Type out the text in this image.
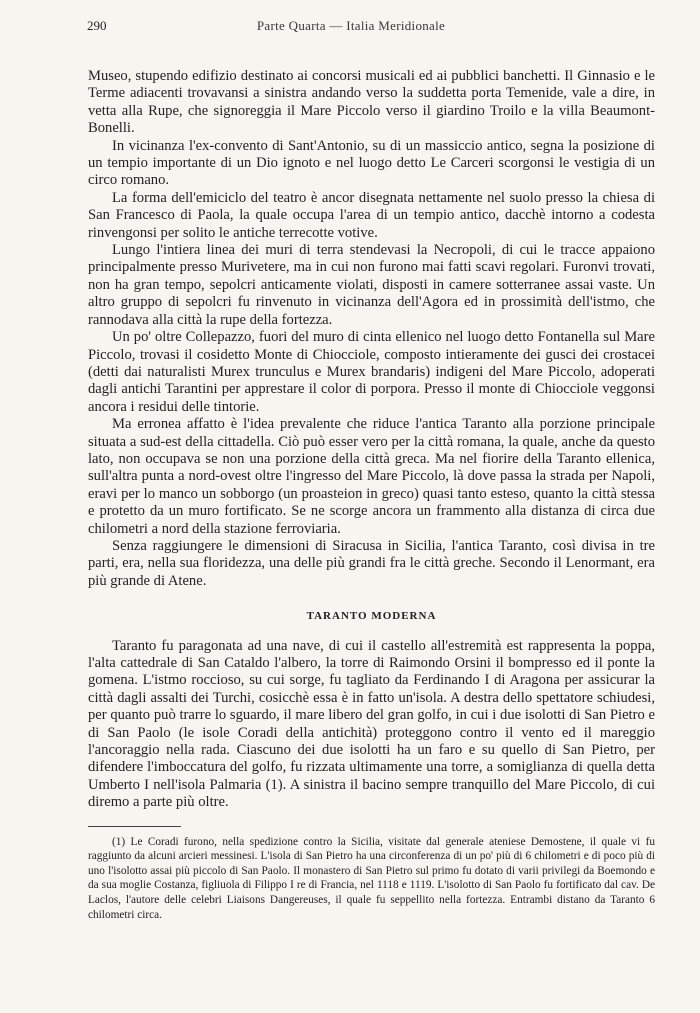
290	Parte Quarta — Italia Meridionale

Museo, stupendo edifizio destinato ai concorsi musicali ed ai pubblici banchetti. Il Ginnasio e le Terme adiacenti trovavansi a sinistra andando verso la suddetta porta Temenide, vale a dire, in vetta alla Rupe, che signoreggia il Mare Piccolo verso il giardino Troilo e la villa Beaumont-Bonelli.

In vicinanza l'ex-convento di Sant'Antonio, su di un massiccio antico, segna la posizione di un tempio importante di un Dio ignoto e nel luogo detto Le Carceri scorgonsi le vestigia di un circo romano.

La forma dell'emiciclo del teatro è ancor disegnata nettamente nel suolo presso la chiesa di San Francesco di Paola, la quale occupa l'area di un tempio antico, dacchè intorno a codesta rinvengonsi per solito le antiche terrecotte votive.

Lungo l'intiera linea dei muri di terra stendevasi la Necropoli, di cui le tracce appaiono principalmente presso Murivetere, ma in cui non furono mai fatti scavi regolari. Furonvi trovati, non ha gran tempo, sepolcri anticamente violati, disposti in camere sotterranee assai vaste. Un altro gruppo di sepolcri fu rinvenuto in vicinanza dell'Agora ed in prossimità dell'istmo, che rannodava alla città la rupe della fortezza.

Un po' oltre Collepazzo, fuori del muro di cinta ellenico nel luogo detto Fontanella sul Mare Piccolo, trovasi il cosidetto Monte di Chiocciole, composto intieramente dei gusci dei crostacei (detti dai naturalisti Murex trunculus e Murex brandaris) indigeni del Mare Piccolo, adoperati dagli antichi Tarantini per apprestare il color di porpora. Presso il monte di Chiocciole veggonsi ancora i residui delle tintorie.

Ma erronea affatto è l'idea prevalente che riduce l'antica Taranto alla porzione principale situata a sud-est della cittadella. Ciò può esser vero per la città romana, la quale, anche da questo lato, non occupava se non una porzione della città greca. Ma nel fiorire della Taranto ellenica, sull'altra punta a nord-ovest oltre l'ingresso del Mare Piccolo, là dove passa la strada per Napoli, eravi per lo manco un sobborgo (un proasteion in greco) quasi tanto esteso, quanto la città stessa e protetto da un muro fortificato. Se ne scorge ancora un frammento alla distanza di circa due chilometri a nord della stazione ferroviaria.

Senza raggiungere le dimensioni di Siracusa in Sicilia, l'antica Taranto, così divisa in tre parti, era, nella sua floridezza, una delle più grandi fra le città greche. Secondo il Lenormant, era più grande di Atene.

TARANTO MODERNA

Taranto fu paragonata ad una nave, di cui il castello all'estremità est rappresenta la poppa, l'alta cattedrale di San Cataldo l'albero, la torre di Raimondo Orsini il bompresso ed il ponte la gomena. L'istmo roccioso, su cui sorge, fu tagliato da Ferdinando I di Aragona per assicurar la città dagli assalti dei Turchi, cosicchè essa è in fatto un'isola. A destra dello spettatore schiudesi, per quanto può trarre lo sguardo, il mare libero del gran golfo, in cui i due isolotti di San Pietro e di San Paolo (le isole Coradi della antichità) proteggono contro il vento ed il mareggio l'ancoraggio nella rada. Ciascuno dei due isolotti ha un faro e su quello di San Pietro, per difendere l'imboccatura del golfo, fu rizzata ultimamente una torre, a somiglianza di quella detta Umberto I nell'isola Palmaria (1). A sinistra il bacino sempre tranquillo del Mare Piccolo, di cui diremo a parte più oltre.

(1) Le Coradi furono, nella spedizione contro la Sicilia, visitate dal generale ateniese Demostene, il quale vi fu raggiunto da alcuni arcieri messinesi. L'isola di San Pietro ha una circonferenza di un po' più di 6 chilometri e di poco più di uno l'isolotto assai più piccolo di San Paolo. Il monastero di San Pietro sul primo fu dotato di varii privilegi da Boemondo e da sua moglie Costanza, figliuola di Filippo I re di Francia, nel 1118 e 1119. L'isolotto di San Paolo fu fortificato dal cav. De Laclos, l'autore delle celebri Liaisons Dangereuses, il quale fu seppellito nella fortezza. Entrambi distano da Taranto 6 chilometri circa.
